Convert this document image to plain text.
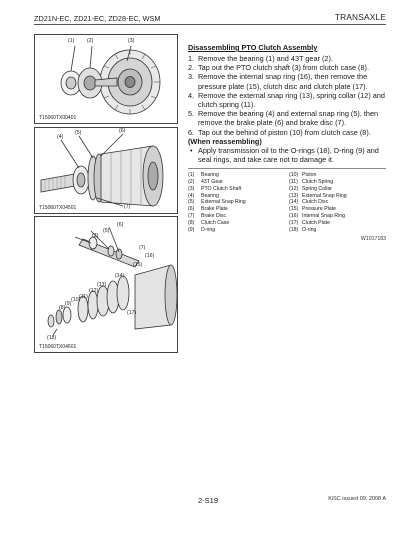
ZD21N-EC, ZD21-EC, ZD28-EC, WSM	TRANSAXLE
(1) (2)	(3)
T15060TX00401
(4)
(5)	(6)
(7)
T15060TX04501
(3)
(5)
(6)
(7)
(16)
(15)
(14)
(13)
(12)
(11)
(10)
(9)
(8)
(17)
(18)
T15060TX04601
Disassembling PTO Clutch Assembly
1. Remove the bearing (1) and 43T gear (2).
2. Tap out the PTO clutch shaft (3) from clutch case (8).
3. Remove the internal snap ring (16), then remove the pressure plate (15), clutch disc and clutch plate (17).
4. Remove the external snap ring (13), spring collar (12) and clutch spring (11).
5. Remove the bearing (4) and external snap ring (5), then remove the brake plate (6) and brake disc (7).
6. Tap out the behind of piston (10) from clutch case (8).
(When reassembling)
• Apply transmission oil to the O-rings (18), D-ring (9) and seal rings, and take care not to damage it.
(1)	Bearing	(10) Piston
(2)	43T Gear	(11) Clutch Spring
(3)	PTO Clutch Shaft	(12) Spring Collar
(4)	Bearing	(13) External Snap Ring
(5)	External Snap Ring	(14) Clutch Disc
(6)	Brake Plate	(15) Pressure Plate
(7)	Brake Disc	(16) Internal Snap Ring
(8)	Clutch Case	(17) Clutch Plate
(9)	D-ring	(18) O-ring
W1017183
2-S19	KiSC issued 09, 2008 A
